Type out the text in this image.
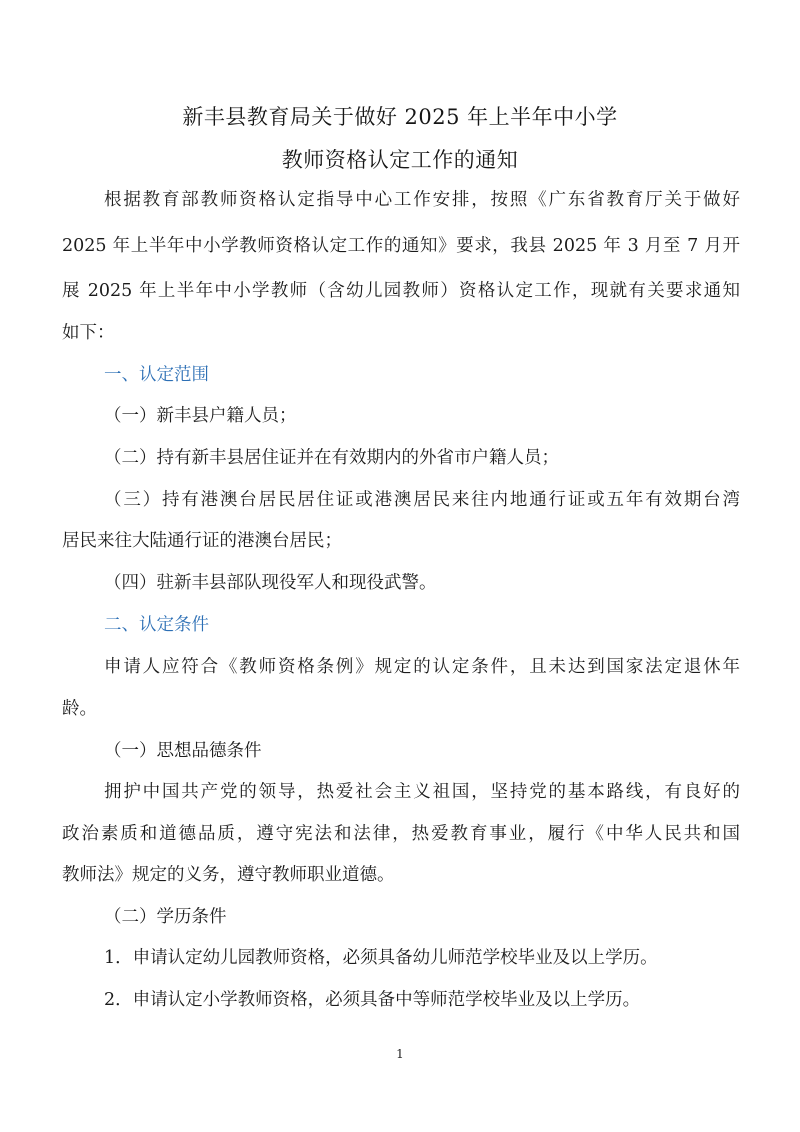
新丰县教育局关于做好 2025 年上半年中小学
教师资格认定工作的通知
根据教育部教师资格认定指导中心工作安排，按照《广东省教育厅关于做好
2025 年上半年中小学教师资格认定工作的通知》要求，我县 2025 年 3 月至 7 月开
展 2025 年上半年中小学教师（含幼儿园教师）资格认定工作，现就有关要求通知
如下：
一、认定范围
（一）新丰县户籍人员；
（二）持有新丰县居住证并在有效期内的外省市户籍人员；
（三）持有港澳台居民居住证或港澳居民来往内地通行证或五年有效期台湾
居民来往大陆通行证的港澳台居民；
（四）驻新丰县部队现役军人和现役武警。
二、认定条件
申请人应符合《教师资格条例》规定的认定条件，且未达到国家法定退休年
龄。
（一）思想品德条件
拥护中国共产党的领导，热爱社会主义祖国，坚持党的基本路线，有良好的
政治素质和道德品质，遵守宪法和法律，热爱教育事业，履行《中华人民共和国
教师法》规定的义务，遵守教师职业道德。
（二）学历条件
1．申请认定幼儿园教师资格，必须具备幼儿师范学校毕业及以上学历。
2．申请认定小学教师资格，必须具备中等师范学校毕业及以上学历。
1
